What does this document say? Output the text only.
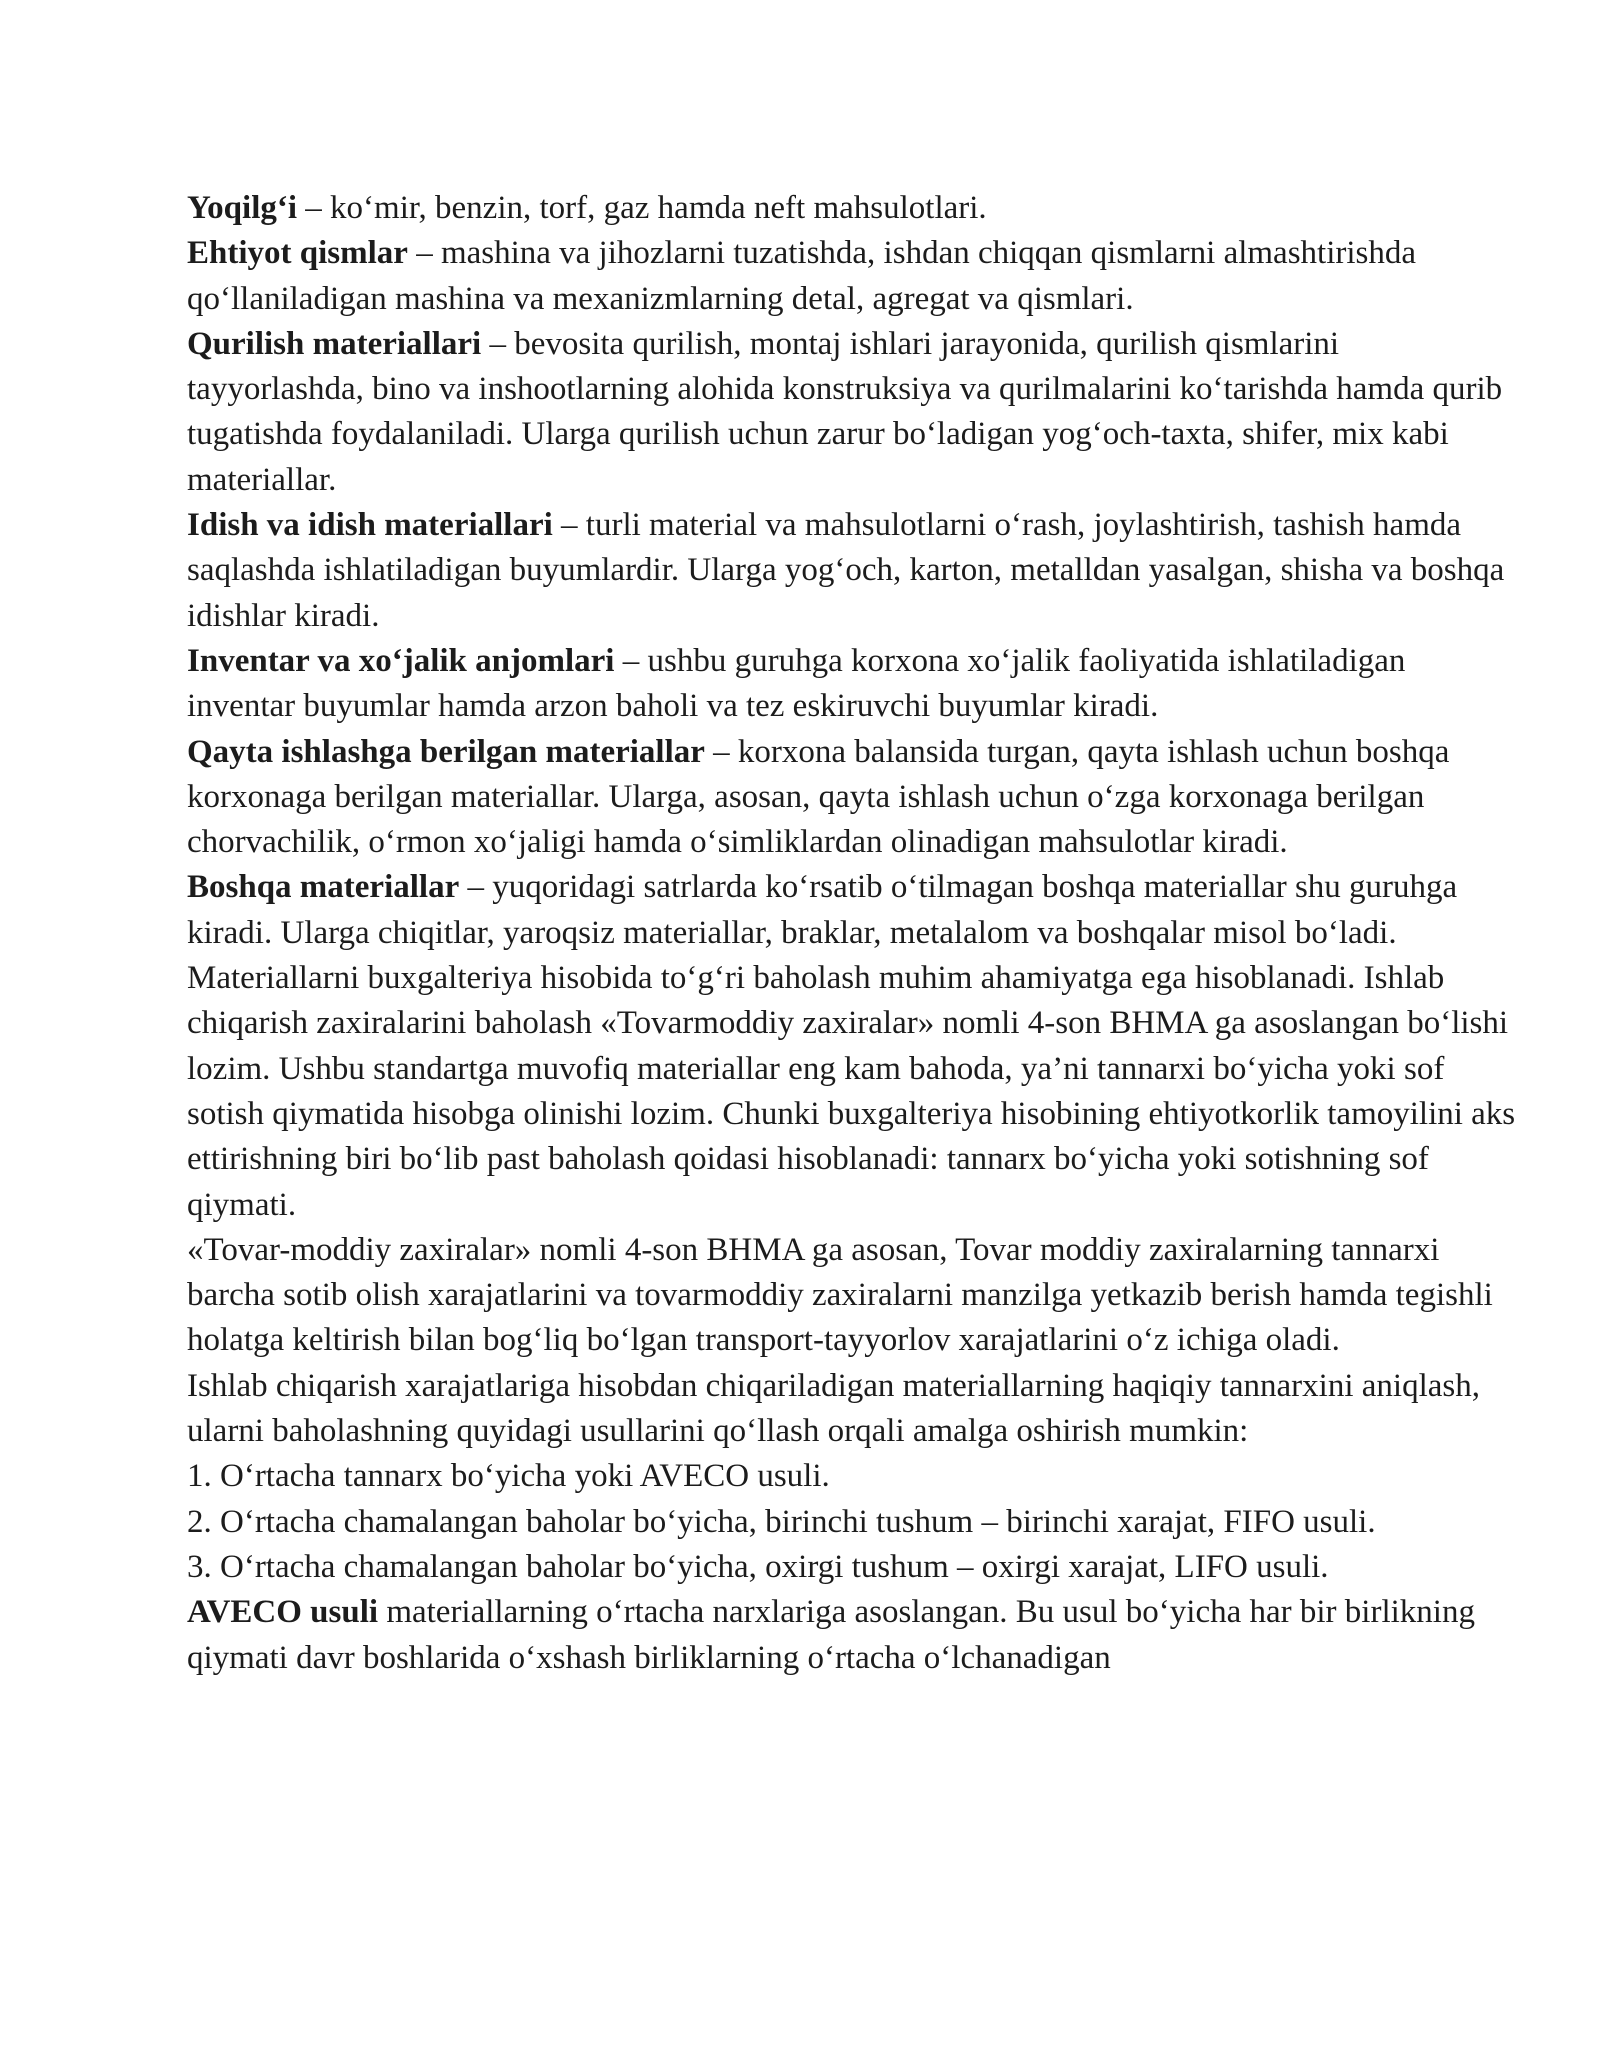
Yoqilg‘i – ko‘mir, benzin, torf, gaz hamda neft mahsulotlari.

Ehtiyot qismlar – mashina va jihozlarni tuzatishda, ishdan chiqqan qismlarni almashtirishda qo‘llaniladigan mashina va mexanizmlarning detal, agregat va qismlari.

Qurilish materiallari – bevosita qurilish, montaj ishlari jarayonida, qurilish qismlarini tayyorlashda, bino va inshootlarning alohida konstruksiya va qurilmalarini ko‘tarishda hamda qurib tugatishda foydalaniladi. Ularga qurilish uchun zarur bo‘ladigan yog‘och-taxta, shifer, mix kabi materiallar.

Idish va idish materiallari – turli material va mahsulotlarni o‘rash, joylashtirish, tashish hamda saqlashda ishlatiladigan buyumlardir. Ularga yog‘och, karton, metalldan yasalgan, shisha va boshqa idishlar kiradi.

Inventar va xo‘jalik anjomlari – ushbu guruhga korxona xo‘jalik faoliyatida ishlatiladigan inventar buyumlar hamda arzon baholi va tez eskiruvchi buyumlar kiradi.

Qayta ishlashga berilgan materiallar – korxona balansida turgan, qayta ishlash uchun boshqa korxonaga berilgan materiallar. Ularga, asosan, qayta ishlash uchun o‘zga korxonaga berilgan chorvachilik, o‘rmon xo‘jaligi hamda o‘simliklardan olinadigan mahsulotlar kiradi.

Boshqa materiallar – yuqoridagi satrlarda ko‘rsatib o‘tilmagan boshqa materiallar shu guruhga kiradi. Ularga chiqitlar, yaroqsiz materiallar, braklar, metalalom va boshqalar misol bo‘ladi. Materiallarni buxgalteriya hisobida to‘g‘ri baholash muhim ahamiyatga ega hisoblanadi. Ishlab chiqarish zaxiralarini baholash «Tovarmoddiy zaxiralar» nomli 4-son BHMA ga asoslangan bo‘lishi lozim. Ushbu standartga muvofiq materiallar eng kam bahoda, ya’ni tannarxi bo‘yicha yoki sof sotish qiymatida hisobga olinishi lozim. Chunki buxgalteriya hisobining ehtiyotkorlik tamoyilini aks ettirishning biri bo‘lib past baholash qoidasi hisoblanadi: tannarx bo‘yicha yoki sotishning sof qiymati.

«Tovar-moddiy zaxiralar» nomli 4-son BHMA ga asosan, Tovar moddiy zaxiralarning tannarxi barcha sotib olish xarajatlarini va tovarmoddiy zaxiralarni manzilga yetkazib berish hamda tegishli holatga keltirish bilan bog‘liq bo‘lgan transport-tayyorlov xarajatlarini o‘z ichiga oladi.

Ishlab chiqarish xarajatlariga hisobdan chiqariladigan materiallarning haqiqiy tannarxini aniqlash, ularni baholashning quyidagi usullarini qo‘llash orqali amalga oshirish mumkin:

1. O‘rtacha tannarx bo‘yicha yoki AVECO usuli.

2. O‘rtacha chamalangan baholar bo‘yicha, birinchi tushum – birinchi xarajat, FIFO usuli.

3. O‘rtacha chamalangan baholar bo‘yicha, oxirgi tushum – oxirgi xarajat, LIFO usuli.

AVECO usuli materiallarning o‘rtacha narxlariga asoslangan. Bu usul bo‘yicha har bir birlikning qiymati davr boshlarida o‘xshash birliklarning o‘rtacha o‘lchanadigan
